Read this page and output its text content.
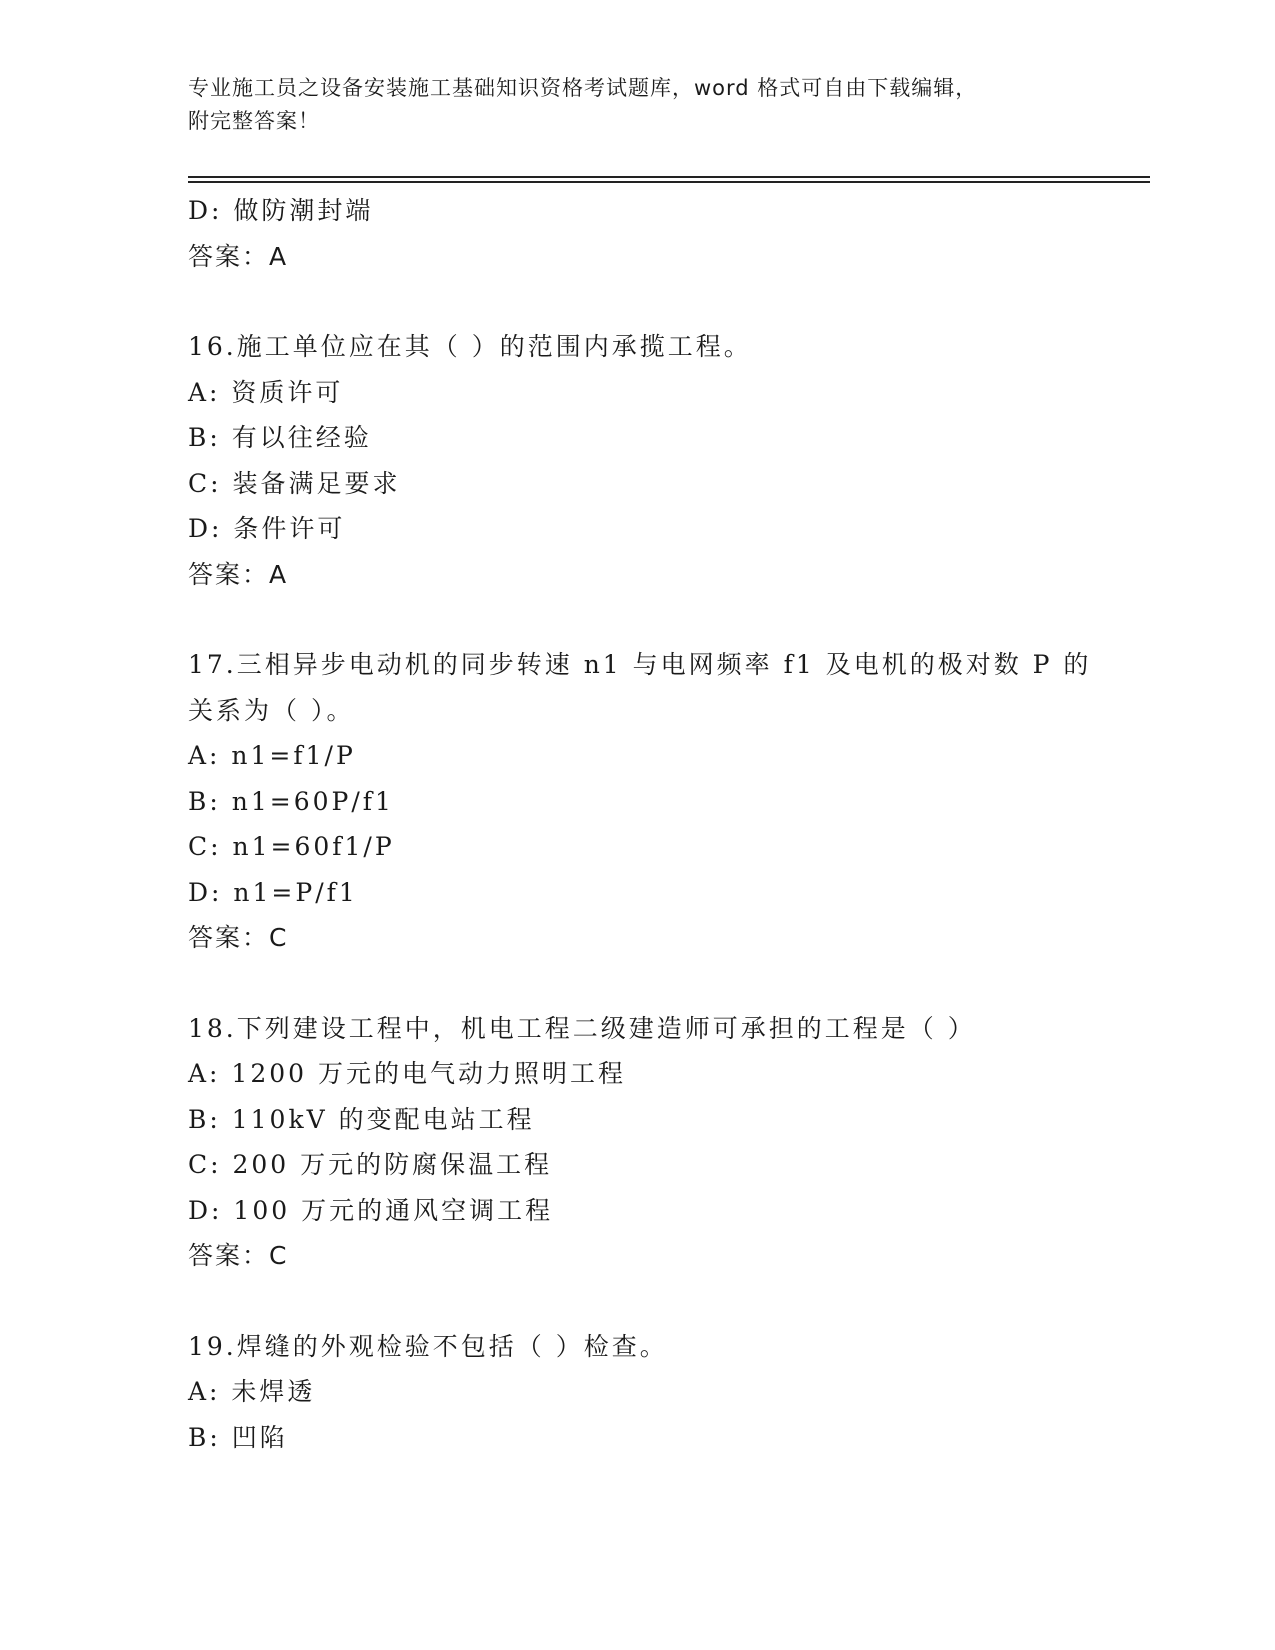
专业施工员之设备安装施工基础知识资格考试题库，word 格式可自由下载编辑，
附完整答案！
D: 做防潮封端
答案：A
16.施工单位应在其（ ）的范围内承揽工程。
A: 资质许可
B: 有以往经验
C: 装备满足要求
D: 条件许可
答案：A
17.三相异步电动机的同步转速 n1 与电网频率 f1 及电机的极对数 P 的
关系为（ ）。
A: n1=f1/P
B: n1=60P/f1
C: n1=60f1/P
D: n1=P/f1
答案：C
18.下列建设工程中，机电工程二级建造师可承担的工程是（ ）
A: 1200 万元的电气动力照明工程
B: 110kV 的变配电站工程
C: 200 万元的防腐保温工程
D: 100 万元的通风空调工程
答案：C
19.焊缝的外观检验不包括（ ）检查。
A: 未焊透
B: 凹陷
